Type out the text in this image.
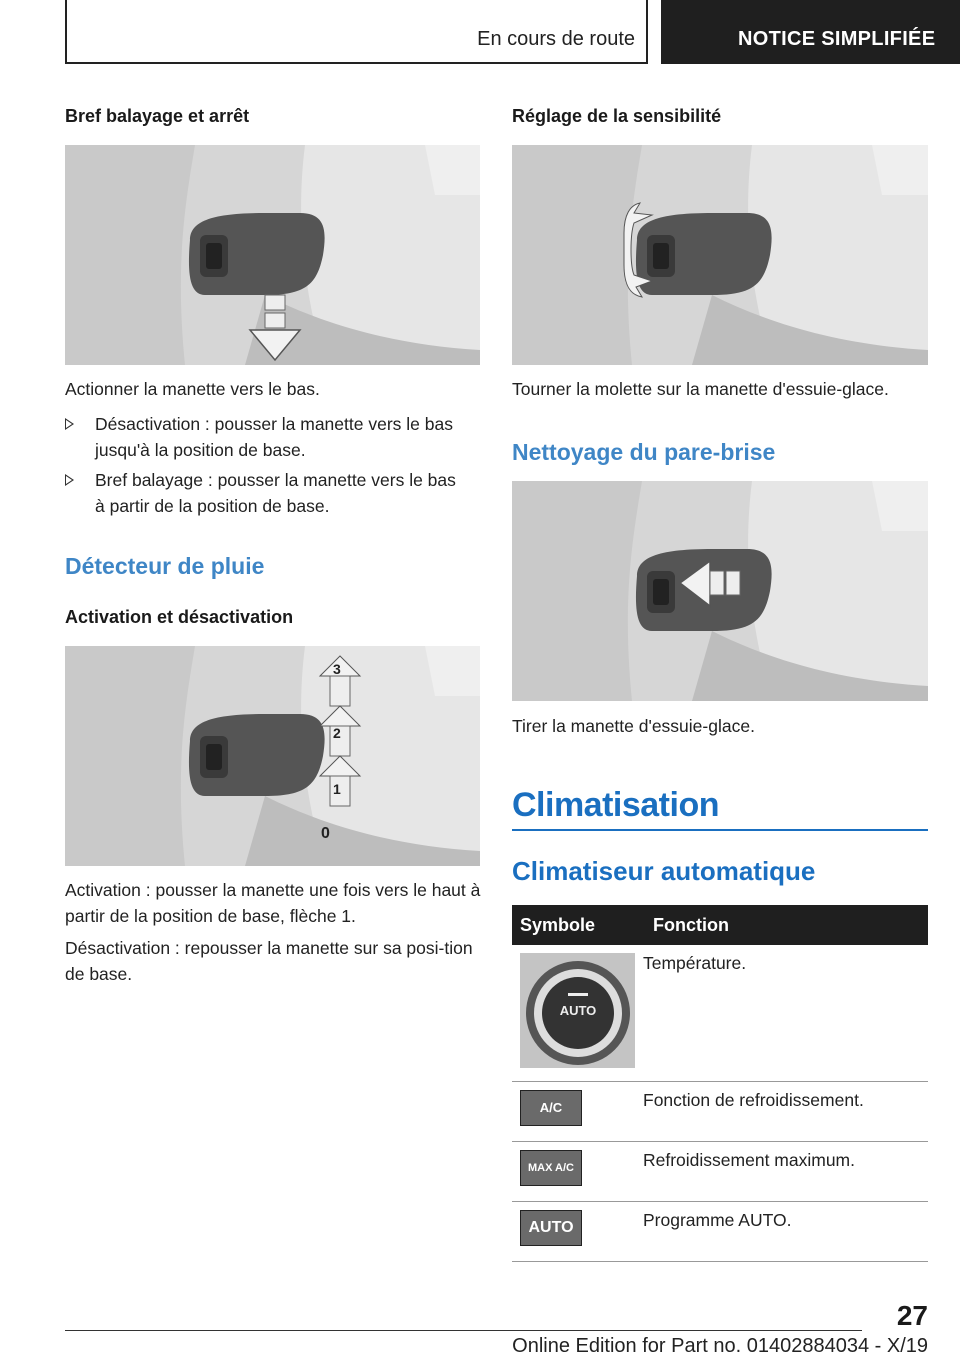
En cours de route	NOTICE SIMPLIFIÉE
Bref balayage et arrêt
Actionner la manette vers le bas.
Désactivation : pousser la manette vers le bas jusqu'à la position de base.
Bref balayage : pousser la manette vers le bas à partir de la position de base.
Détecteur de pluie
Activation et désactivation
3
2
1
0
Activation : pousser la manette une fois vers le haut à partir de la position de base, flèche 1.
Désactivation : repousser la manette sur sa posi-tion de base.
Réglage de la sensibilité
Tourner la molette sur la manette d'essuie-glace.
Nettoyage du pare-brise
Tirer la manette d'essuie-glace.
Climatisation
Climatiseur automatique
Symbole	Fonction

AUTO	Température.

A/C	Fonction de refroidissement.

MAX A/C	Refroidissement maximum.

AUTO	Programme AUTO.
27
Online Edition for Part no. 01402884034 - X/19
